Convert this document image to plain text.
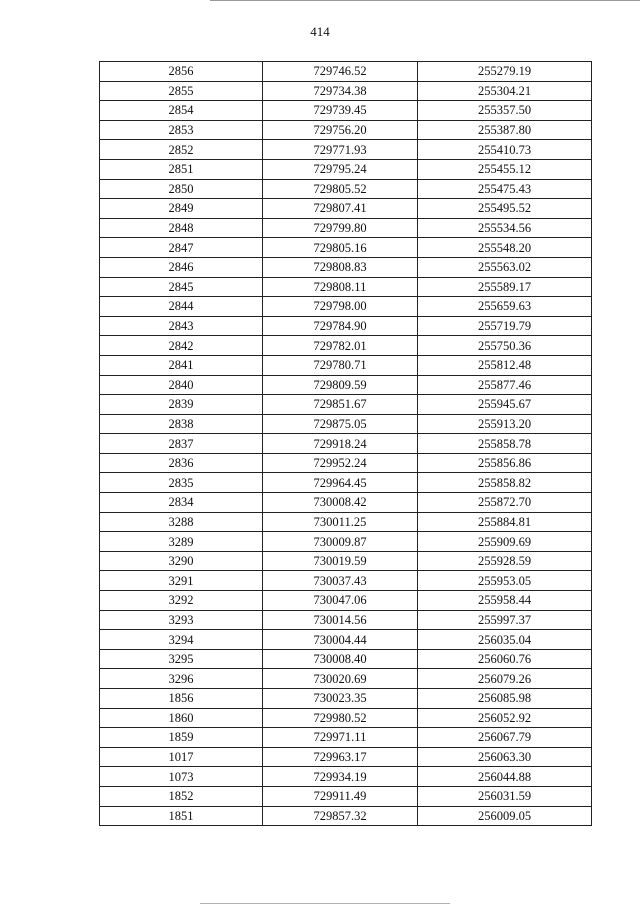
414
2856	729746.52	255279.19
2855	729734.38	255304.21
2854	729739.45	255357.50
2853	729756.20	255387.80
2852	729771.93	255410.73
2851	729795.24	255455.12
2850	729805.52	255475.43
2849	729807.41	255495.52
2848	729799.80	255534.56
2847	729805.16	255548.20
2846	729808.83	255563.02
2845	729808.11	255589.17
2844	729798.00	255659.63
2843	729784.90	255719.79
2842	729782.01	255750.36
2841	729780.71	255812.48
2840	729809.59	255877.46
2839	729851.67	255945.67
2838	729875.05	255913.20
2837	729918.24	255858.78
2836	729952.24	255856.86
2835	729964.45	255858.82
2834	730008.42	255872.70
3288	730011.25	255884.81
3289	730009.87	255909.69
3290	730019.59	255928.59
3291	730037.43	255953.05
3292	730047.06	255958.44
3293	730014.56	255997.37
3294	730004.44	256035.04
3295	730008.40	256060.76
3296	730020.69	256079.26
1856	730023.35	256085.98
1860	729980.52	256052.92
1859	729971.11	256067.79
1017	729963.17	256063.30
1073	729934.19	256044.88
1852	729911.49	256031.59
1851	729857.32	256009.05
